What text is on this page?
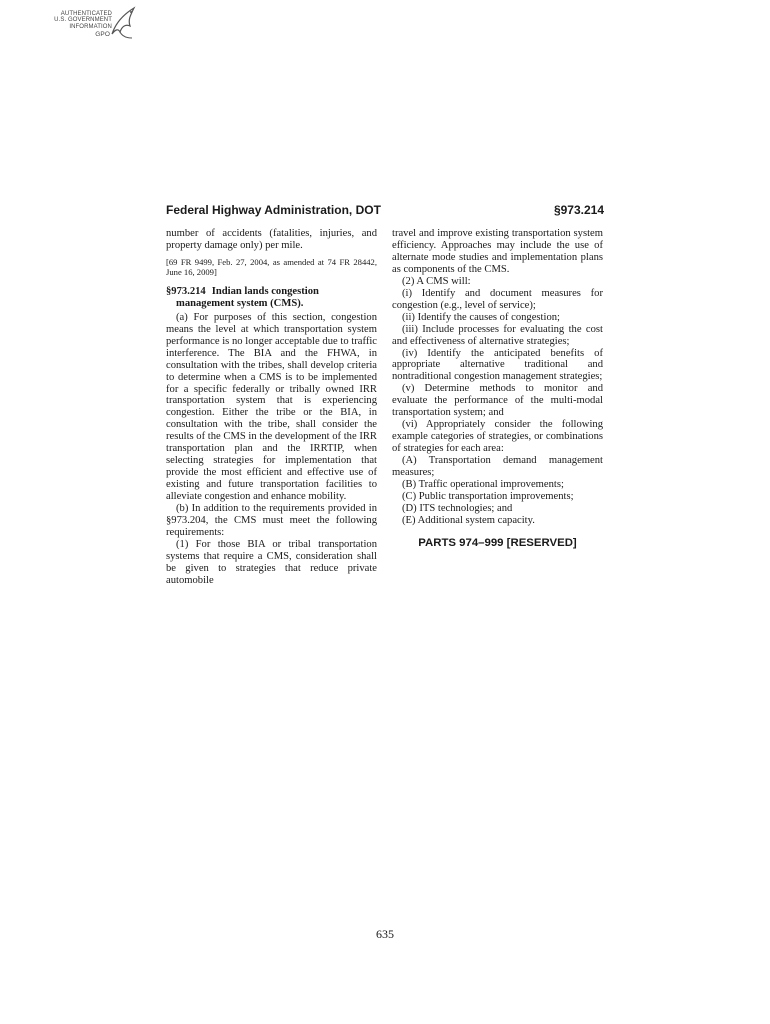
AUTHENTICATED
U.S. GOVERNMENT
INFORMATION
GPO
Federal Highway Administration, DOT	§973.214

number of accidents (fatalities, injuries, and property damage only) per mile.

[69 FR 9499, Feb. 27, 2004, as amended at 74 FR 28442, June 16, 2009]

§973.214 Indian lands congestion management system (CMS).

(a) For purposes of this section, congestion means the level at which transportation system performance is no longer acceptable due to traffic interference. The BIA and the FHWA, in consultation with the tribes, shall develop criteria to determine when a CMS is to be implemented for a specific federally or tribally owned IRR transportation system that is experiencing congestion. Either the tribe or the BIA, in consultation with the tribe, shall consider the results of the CMS in the development of the IRR transportation plan and the IRRTIP, when selecting strategies for implementation that provide the most efficient and effective use of existing and future transportation facilities to alleviate congestion and enhance mobility.

(b) In addition to the requirements provided in §973.204, the CMS must meet the following requirements:

(1) For those BIA or tribal transportation systems that require a CMS, consideration shall be given to strategies that reduce private automobile

travel and improve existing transportation system efficiency. Approaches may include the use of alternate mode studies and implementation plans as components of the CMS.

(2) A CMS will:

(i) Identify and document measures for congestion (e.g., level of service);

(ii) Identify the causes of congestion;

(iii) Include processes for evaluating the cost and effectiveness of alternative strategies;

(iv) Identify the anticipated benefits of appropriate alternative traditional and nontraditional congestion management strategies;

(v) Determine methods to monitor and evaluate the performance of the multi-modal transportation system; and

(vi) Appropriately consider the following example categories of strategies, or combinations of strategies for each area:

(A) Transportation demand management measures;

(B) Traffic operational improvements;

(C) Public transportation improvements;

(D) ITS technologies; and

(E) Additional system capacity.

PARTS 974–999 [RESERVED]

635
